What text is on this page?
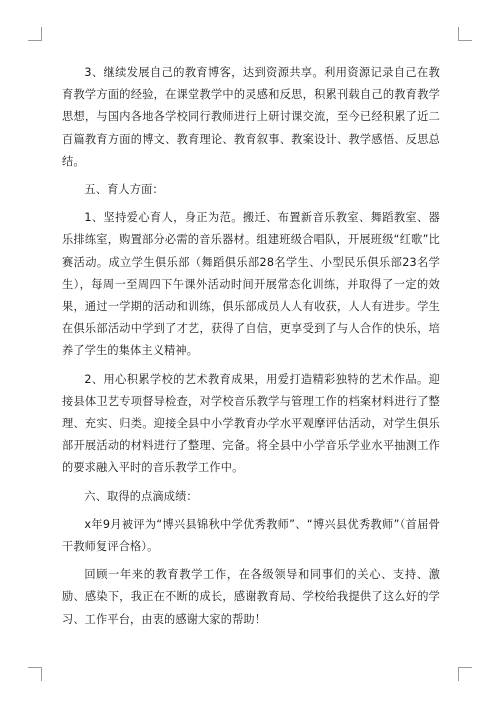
3、继续发展自己的教育博客，达到资源共享。利用资源记录自己在教育教学方面的经验，在课堂教学中的灵感和反思，积累刊载自己的教育教学思想，与国内各地各学校同行教师进行上研讨课交流，至今已经积累了近二百篇教育方面的博文、教育理论、教育叙事、教案设计、教学感悟、反思总结。

五、育人方面：

1、坚持爱心育人，身正为范。搬迁、布置新音乐教室、舞蹈教室、器乐排练室，购置部分必需的音乐器材。组建班级合唱队，开展班级“红歌”比赛活动。成立学生俱乐部（舞蹈俱乐部28名学生、小型民乐俱乐部23名学生），每周一至周四下午课外活动时间开展常态化训练，并取得了一定的效果，通过一学期的活动和训练，俱乐部成员人人有收获，人人有进步。学生在俱乐部活动中学到了才艺，获得了自信，更享受到了与人合作的快乐，培养了学生的集体主义精神。

2、用心积累学校的艺术教育成果，用爱打造精彩独特的艺术作品。迎接县体卫艺专项督导检查，对学校音乐教学与管理工作的档案材料进行了整理、充实、归类。迎接全县中小学教育办学水平观摩评估活动，对学生俱乐部开展活动的材料进行了整理、完备。将全县中小学音乐学业水平抽测工作的要求融入平时的音乐教学工作中。

六、取得的点滴成绩：

x年9月被评为“博兴县锦秋中学优秀教师”、“博兴县优秀教师”（首届骨干教师复评合格）。

回顾一年来的教育教学工作，在各级领导和同事们的关心、支持、激励、感染下，我正在不断的成长，感谢教育局、学校给我提供了这么好的学习、工作平台，由衷的感谢大家的帮助！
